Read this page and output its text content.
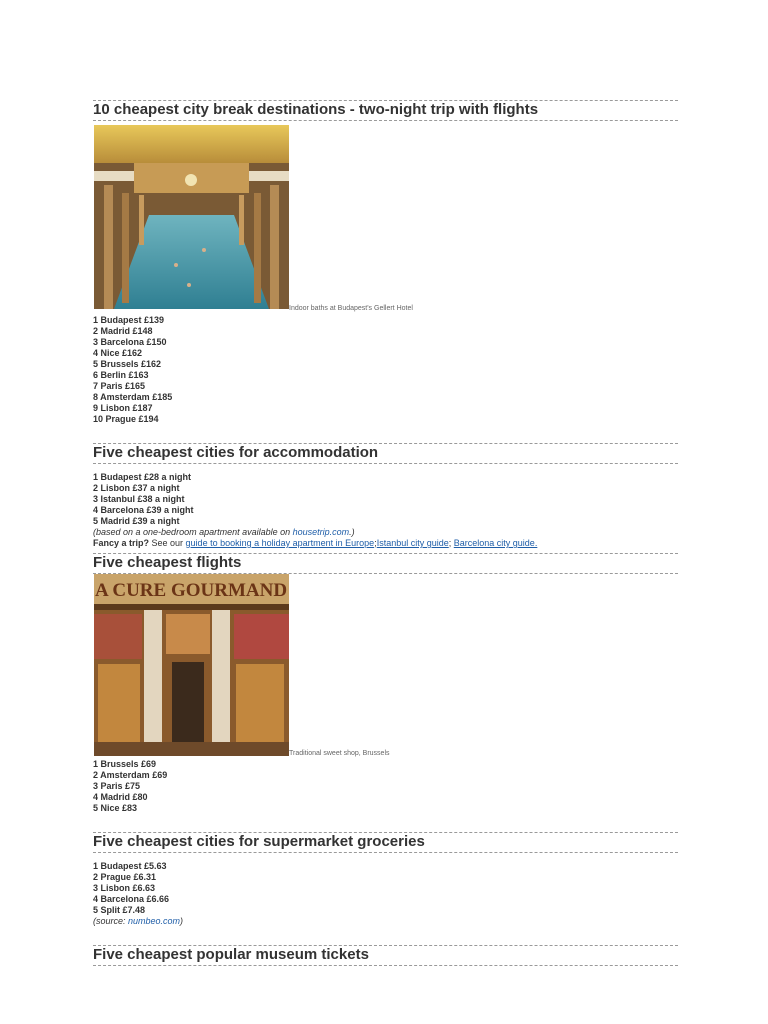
10 cheapest city break destinations - two-night trip with flights
Indoor baths at Budapest's Gellert Hotel
1 Budapest £139
2 Madrid £148
3 Barcelona £150
4 Nice £162
5 Brussels £162
6 Berlin £163
7 Paris £165
8 Amsterdam £185
9 Lisbon £187
10 Prague £194
Five cheapest cities for accommodation
1 Budapest £28 a night
2 Lisbon £37 a night
3 Istanbul £38 a night
4 Barcelona £39 a night
5 Madrid £39 a night
(based on a one-bedroom apartment available on housetrip.com.)
Fancy a trip? See our guide to booking a holiday apartment in Europe;Istanbul city guide; Barcelona city guide.
Five cheapest flights
A CURE GOURMAND
Traditional sweet shop, Brussels
1 Brussels £69
2 Amsterdam £69
3 Paris £75
4 Madrid £80
5 Nice £83
Five cheapest cities for supermarket groceries
1 Budapest £5.63
2 Prague £6.31
3 Lisbon £6.63
4 Barcelona £6.66
5 Split £7.48
(source: numbeo.com)
Five cheapest popular museum tickets
